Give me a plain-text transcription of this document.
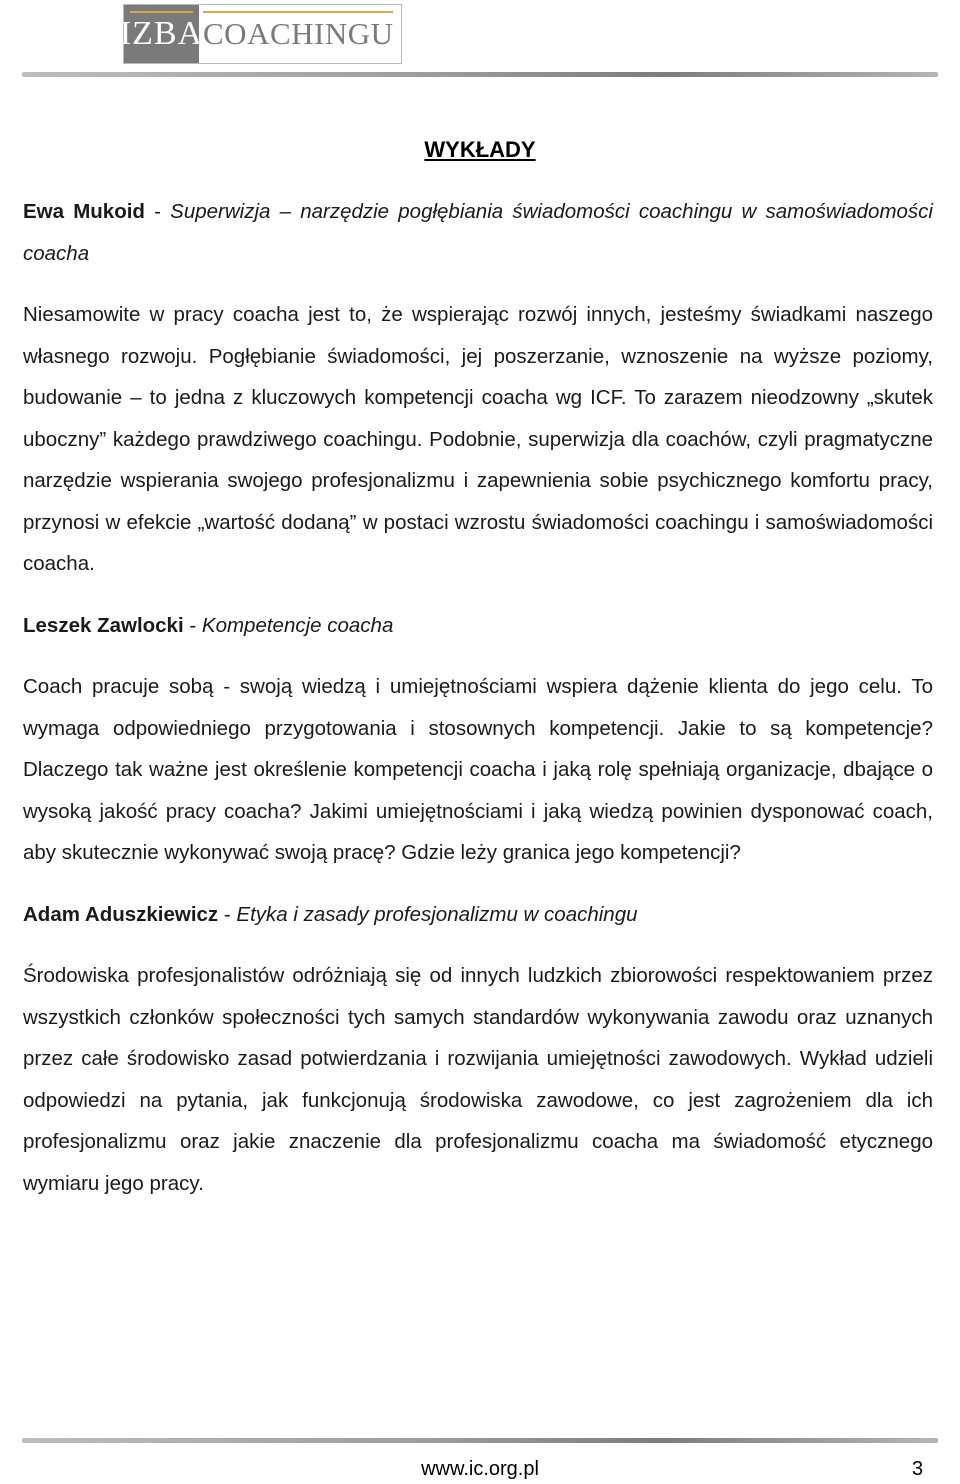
IZBA COACHINGU
WYKŁADY

Ewa Mukoid - Superwizja – narzędzie pogłębiania świadomości coachingu w samoświadomości coacha

Niesamowite w pracy coacha jest to, że wspierając rozwój innych, jesteśmy świadkami naszego własnego rozwoju. Pogłębianie świadomości, jej poszerzanie, wznoszenie na wyższe poziomy, budowanie – to jedna z kluczowych kompetencji coacha wg ICF. To zarazem nieodzowny „skutek uboczny” każdego prawdziwego coachingu. Podobnie, superwizja dla coachów, czyli pragmatyczne narzędzie wspierania swojego profesjonalizmu i zapewnienia sobie psychicznego komfortu pracy, przynosi w efekcie „wartość dodaną” w postaci wzrostu świadomości coachingu i samoświadomości coacha.

Leszek Zawlocki - Kompetencje coacha

Coach pracuje sobą - swoją wiedzą i umiejętnościami wspiera dążenie klienta do jego celu. To wymaga odpowiedniego przygotowania i stosownych kompetencji. Jakie to są kompetencje? Dlaczego tak ważne jest określenie kompetencji coacha i jaką rolę spełniają organizacje, dbające o wysoką jakość pracy coacha? Jakimi umiejętnościami i jaką wiedzą powinien dysponować coach, aby skutecznie wykonywać swoją pracę? Gdzie leży granica jego kompetencji?

Adam Aduszkiewicz - Etyka i zasady profesjonalizmu w coachingu

Środowiska profesjonalistów odróżniają się od innych ludzkich zbiorowości respektowaniem przez wszystkich członków społeczności tych samych standardów wykonywania zawodu oraz uznanych przez całe środowisko zasad potwierdzania i rozwijania umiejętności zawodowych. Wykład udzieli odpowiedzi na pytania, jak funkcjonują środowiska zawodowe, co jest zagrożeniem dla ich profesjonalizmu oraz jakie znaczenie dla profesjonalizmu coacha ma świadomość etycznego wymiaru jego pracy.

www.ic.org.pl	3
